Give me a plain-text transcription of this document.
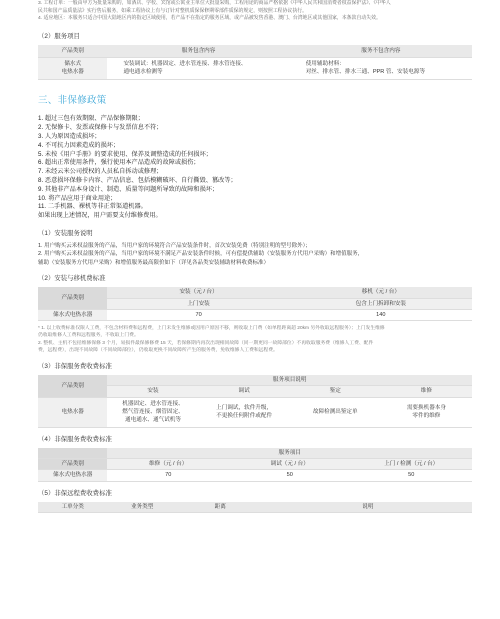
3. 工程订单：一般由甲方为批量采购的，如酒店、学校、宾馆或公寓业主单位大批量采购，工程用途的商品严格依据《中华人民共和国消费者权益保护法》、《中华人

民共和国产品质量法》实行售后服务，如乘工程协议上有与订针对整机质保保修期零部件质保的规定，则按照工程协议执行。

4. 适应地区：本服务只适合中国大陆地区内的指定区域使用，若产品不在指定的服务区域，或产品被发售香港、澳门、台湾地区或其他国家，本条款自动失效。

（2）服务项目
产品类别	服务包含内容	服务不包含内容
储水式
电热水器	安装调试：机器固定、进水管连接、排水管连接、
通电通水检测等	使用辅助材料：
对丝、排水管、排水三通、PPR 管、安装电源等
三、非保修政策

1. 超过三包有效期限、产品保修期限；

2. 无保修卡、发票或保修卡与发票信息不符；

3. 人为原因造成损坏；

4. 不可抗力因素造成的损坏；

5. 未按《用户手册》的要求使用、保养及调整造成的任何损坏；

6. 超出正常使用条件，强行使用本产品造成的故障或损伤；

7. 未经云米公司授权的人员私自拆动或修理；

8. 恶意损坏保修卡内容、产品信息、包括模糊破坏、自行撕毁、篡改等；

9. 其他非产品本身设计、制造、质量等问题所导致的故障和损坏；

10. 将产品应用于商业用途；

11. 二手机器、裸机等非正常渠道机器。

如果出现上述情况，用户需要支付维修费用。

（1）安装服务说明

1. 用户购买云米权益服务的产品，当用户家的环境符合产品安装条件时，首次安装免费（特别注明的型号除外）；

2. 用户购买云米权益服务的产品，当用户家的环境不满足产品安装条件时候，可有偿提供辅助（安装服务方代用户采购）和增值服务，

辅助（安装服务方代用户采购）和增值服务最高限价如下（详见各品类安装辅助材料收费标准）

（2）安装与移机费标准
产品类别	安装（元 / 台）	移机（元 / 台）
	上门安装	包含上门拆卸和安装
储水式电热水器	70	140

* 1. 以上收费标准仅限人工费，不包含材料费和远程费，上门未发生维修或因用户原因不移，则收取上门费（如单程距离超 20km 另外收取远程服务）；上门发生维修

仍收取维修人工费和远程服务，不收取上门费。

2. 整机、主机不包括维修保修 3 个月，易损件最保修修费 15 天，若保修期内再次出现相同故障（同一期更同一故障部位）不再收取服务费（维修人工费、配件

费，远程费），出现不同故障（不同故障部位），仍收取更换不同故障所产生的服务费，免收维修人工费和远程费。

（3）非保服务费收费标准
产品类别	服务项目说明			
	安装	调试	鉴定	维修
电热水器	机器固定、进水管连接、
燃气管连接、烟管固定、
通电通水、通气试机等	上门调试，软件升级，
不更换任何附件或配件	故障检测出鉴定单	需要换机器本身
零件的维修
（4）非保服务费收费标准
	服务项目		
产品类别	维修（元 / 台）	调试（元 / 台）	上门 / 检测（元 / 台）
储水式电热水器	70	50	50
（5）非保远程费收费标准
工单分类	业务类型	距离	说明
